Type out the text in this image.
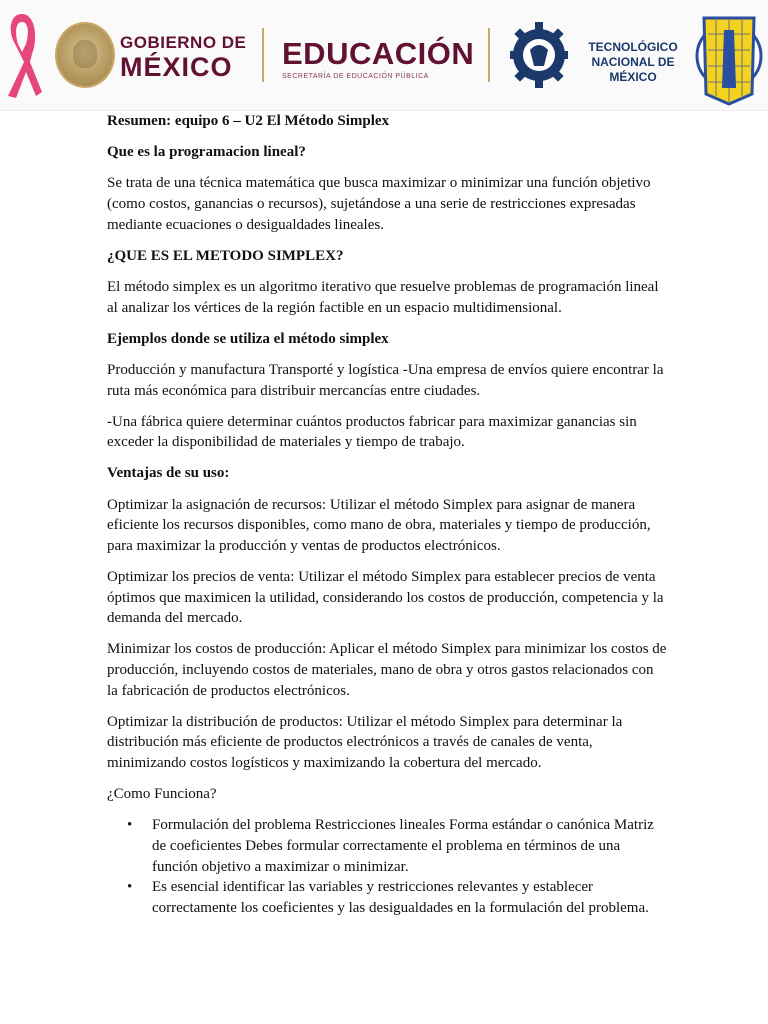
GOBIERNO DE
MÉXICO	EDUCACIÓN
SECRETARÍA DE EDUCACIÓN PÚBLICA
TECNOLÓGICO
NACIONAL DE MÉXICO

Resumen: equipo 6 – U2 El Método Simplex

Que es la programacion lineal?

Se trata de una técnica matemática que busca maximizar o minimizar una función objetivo (como costos, ganancias o recursos), sujetándose a una serie de restricciones expresadas mediante ecuaciones o desigualdades lineales.

¿QUE ES EL METODO SIMPLEX?

El método simplex es un algoritmo iterativo que resuelve problemas de programación lineal al analizar los vértices de la región factible en un espacio multidimensional.

Ejemplos donde se utiliza el método simplex

Producción y manufactura Transporté y logística -Una empresa de envíos quiere encontrar la ruta más económica para distribuir mercancías entre ciudades.

-Una fábrica quiere determinar cuántos productos fabricar para maximizar ganancias sin exceder la disponibilidad de materiales y tiempo de trabajo.

Ventajas de su uso:

Optimizar la asignación de recursos: Utilizar el método Simplex para asignar de manera eficiente los recursos disponibles, como mano de obra, materiales y tiempo de producción, para maximizar la producción y ventas de productos electrónicos.

Optimizar los precios de venta: Utilizar el método Simplex para establecer precios de venta óptimos que maximicen la utilidad, considerando los costos de producción, competencia y la demanda del mercado.

Minimizar los costos de producción: Aplicar el método Simplex para minimizar los costos de producción, incluyendo costos de materiales, mano de obra y otros gastos relacionados con la fabricación de productos electrónicos.

Optimizar la distribución de productos: Utilizar el método Simplex para determinar la distribución más eficiente de productos electrónicos a través de canales de venta, minimizando costos logísticos y maximizando la cobertura del mercado.

¿Como Funciona?

• Formulación del problema Restricciones lineales Forma estándar o canónica Matriz de coeficientes Debes formular correctamente el problema en términos de una función objetivo a maximizar o minimizar.
• Es esencial identificar las variables y restricciones relevantes y establecer correctamente los coeficientes y las desigualdades en la formulación del problema.
